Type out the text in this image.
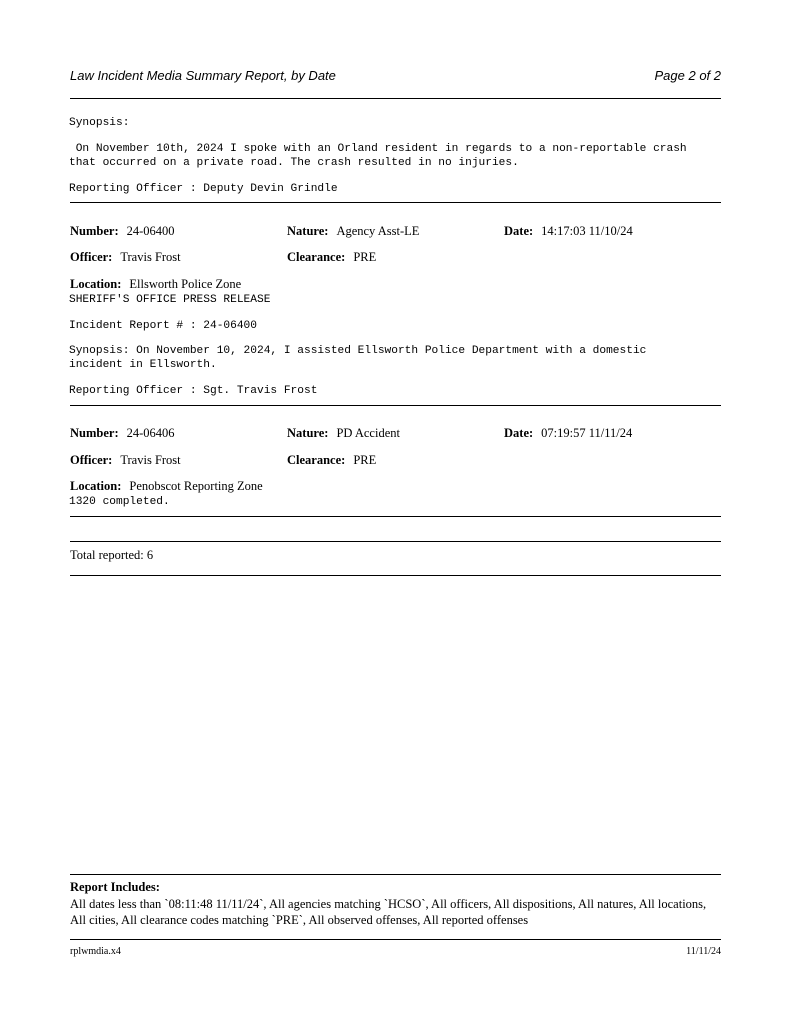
Law Incident Media Summary Report, by Date	Page 2 of 2
Synopsis:
On November 10th, 2024 I spoke with an Orland resident in regards to a non-reportable crash
that occurred on a private road. The crash resulted in no injuries.
Reporting Officer : Deputy Devin Grindle
Number: 24-06400	Nature: Agency Asst-LE	Date: 14:17:03 11/10/24
Officer: Travis Frost	Clearance: PRE
Location: Ellsworth Police Zone
SHERIFF'S OFFICE PRESS RELEASE
Incident Report # : 24-06400
Synopsis: On November 10, 2024, I assisted Ellsworth Police Department with a domestic
incident in Ellsworth.
Reporting Officer : Sgt. Travis Frost
Number: 24-06406	Nature: PD Accident	Date: 07:19:57 11/11/24
Officer: Travis Frost	Clearance: PRE
Location: Penobscot Reporting Zone
1320 completed.
Total reported: 6
Report Includes:
All dates less than `08:11:48 11/11/24`, All agencies matching `HCSO`, All officers, All dispositions, All natures, All locations, All cities, All clearance codes matching `PRE`, All observed offenses, All reported offenses
rplwmdia.x4	11/11/24
